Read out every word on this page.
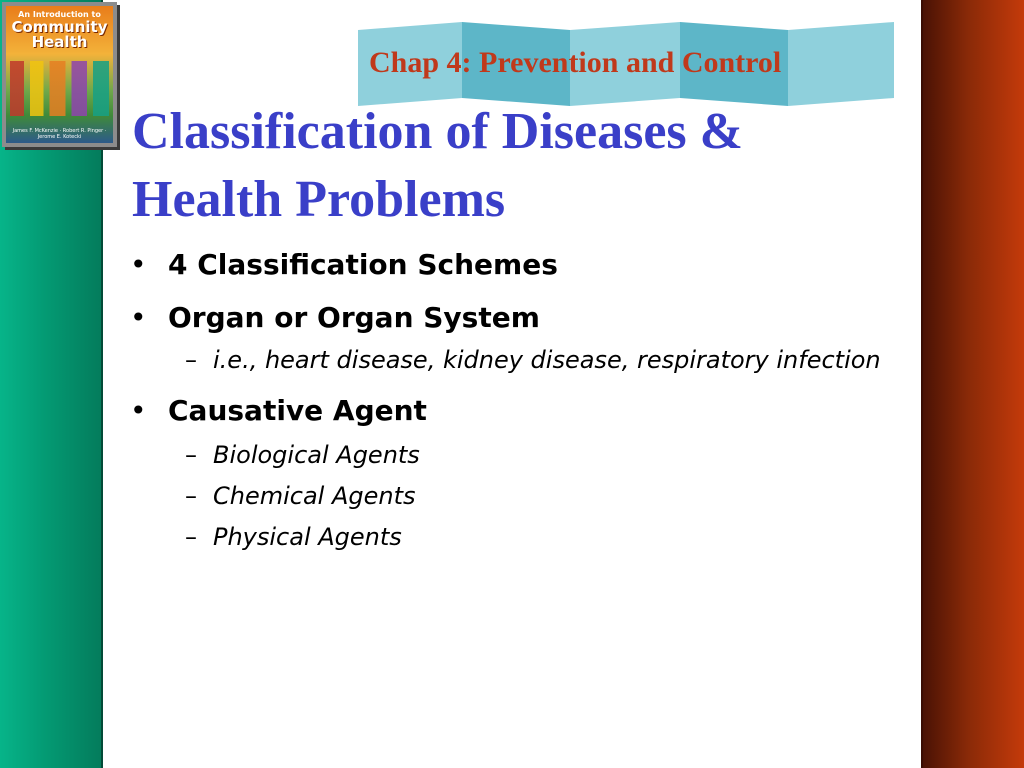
An Introduction to
Community
Health
James F. McKenzie · Robert R. Pinger · Jerome E. Kotecki
Chap 4: Prevention and Control
Classification of Diseases & Health Problems
• 4 Classification Schemes
• Organ or Organ System
– i.e., heart disease, kidney disease, respiratory infection
• Causative Agent
– Biological Agents
– Chemical Agents
– Physical Agents
